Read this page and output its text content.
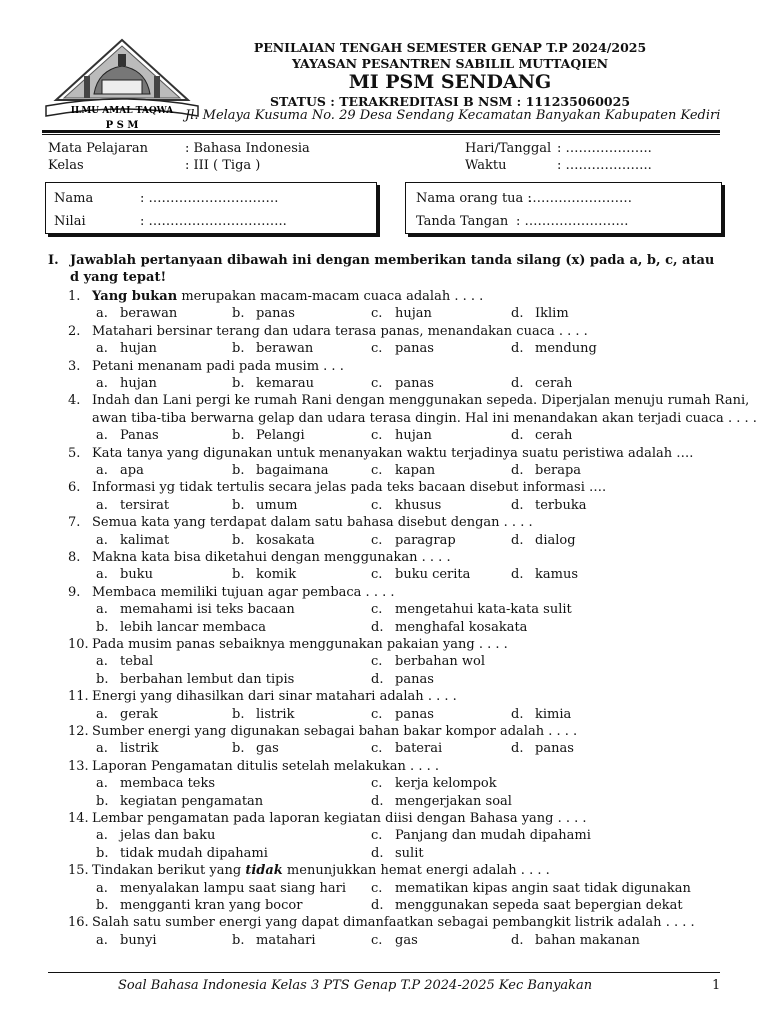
ILMU AMAL TAQWA
P S M
PENILAIAN TENGAH SEMESTER GENAP T.P 2024/2025
YAYASAN PESANTREN SABILIL MUTTAQIEN
MI PSM SENDANG
STATUS : TERAKREDITASI B NSM : 111235060025
Jl. Melaya Kusuma No. 29 Desa Sendang Kecamatan Banyakan Kabupaten Kediri
Mata Pelajaran	: Bahasa Indonesia
Kelas	: III ( Tiga )
Hari/Tanggal : ………………..
Waktu	: ………………..
Nama	: …………………………
Nilai	: …………………………..
Nama orang tua :
……………………
Tanda Tangan : ……………………
I. Jawablah pertanyaan dibawah ini dengan memberikan tanda silang (x) pada a, b, c, atau d yang tepat!
1. Yang bukan merupakan macam-macam cuaca adalah . . . .
a. berawan	b. panas	c. hujan	d. Iklim
2. Matahari bersinar terang dan udara terasa panas, menandakan cuaca . . . .
a. hujan	b. berawan	c. panas	d. mendung
3. Petani menanam padi pada musim . . .
a. hujan	b. kemarau	c. panas	d. cerah
4. Indah dan Lani pergi ke rumah Rani dengan menggunakan sepeda. Diperjalan menuju rumah Rani,
awan tiba-tiba berwarna gelap dan udara terasa dingin. Hal ini menandakan akan terjadi cuaca . . . .
a. Panas	b. Pelangi	c. hujan	d. cerah
5. Kata tanya yang digunakan untuk menanyakan waktu terjadinya suatu peristiwa adalah ….
a. apa	b. bagaimana	c. kapan	d. berapa
6. Informasi yg tidak tertulis secara jelas pada teks bacaan disebut informasi ….
a. tersirat	b. umum	c. khusus	d. terbuka
7. Semua kata yang terdapat dalam satu bahasa disebut dengan . . . .
a. kalimat	b. kosakata	c. paragrap	d. dialog
8. Makna kata bisa diketahui dengan menggunakan . . . .
a. buku	b. komik	c. buku cerita	d. kamus
9. Membaca memiliki tujuan agar pembaca . . . .
a. memahami isi teks bacaan	c. mengetahui kata-kata sulit
b. lebih lancar membaca	d. menghafal kosakata
10. Pada musim panas sebaiknya menggunakan pakaian yang . . . .
a. tebal	c. berbahan wol
b. berbahan lembut dan tipis	d. panas
11. Energi yang dihasilkan dari sinar matahari adalah . . . .
a. gerak	b. listrik	c. panas	d. kimia
12. Sumber energi yang digunakan sebagai bahan bakar kompor adalah . . . .
a. listrik	b. gas	c. baterai	d. panas
13. Laporan Pengamatan ditulis setelah melakukan . . . .
a. membaca teks	c. kerja kelompok
b. kegiatan pengamatan	d. mengerjakan soal
14. Lembar pengamatan pada laporan kegiatan diisi dengan Bahasa yang . . . .
a. jelas dan baku	c. Panjang dan mudah dipahami
b. tidak mudah dipahami	d. sulit
15. Tindakan berikut yang tidak menunjukkan hemat energi adalah . . . .
a. menyalakan lampu saat siang hari c. mematikan kipas angin saat tidak digunakan
b. mengganti kran yang bocor	d. menggunakan sepeda saat bepergian dekat
16. Salah satu sumber energi yang dapat dimanfaatkan sebagai pembangkit listrik adalah . . . .
a. bunyi	b. matahari	c. gas	d. bahan makanan
Soal Bahasa Indonesia Kelas 3 PTS Genap T.P 2024-2025 Kec Banyakan	1
